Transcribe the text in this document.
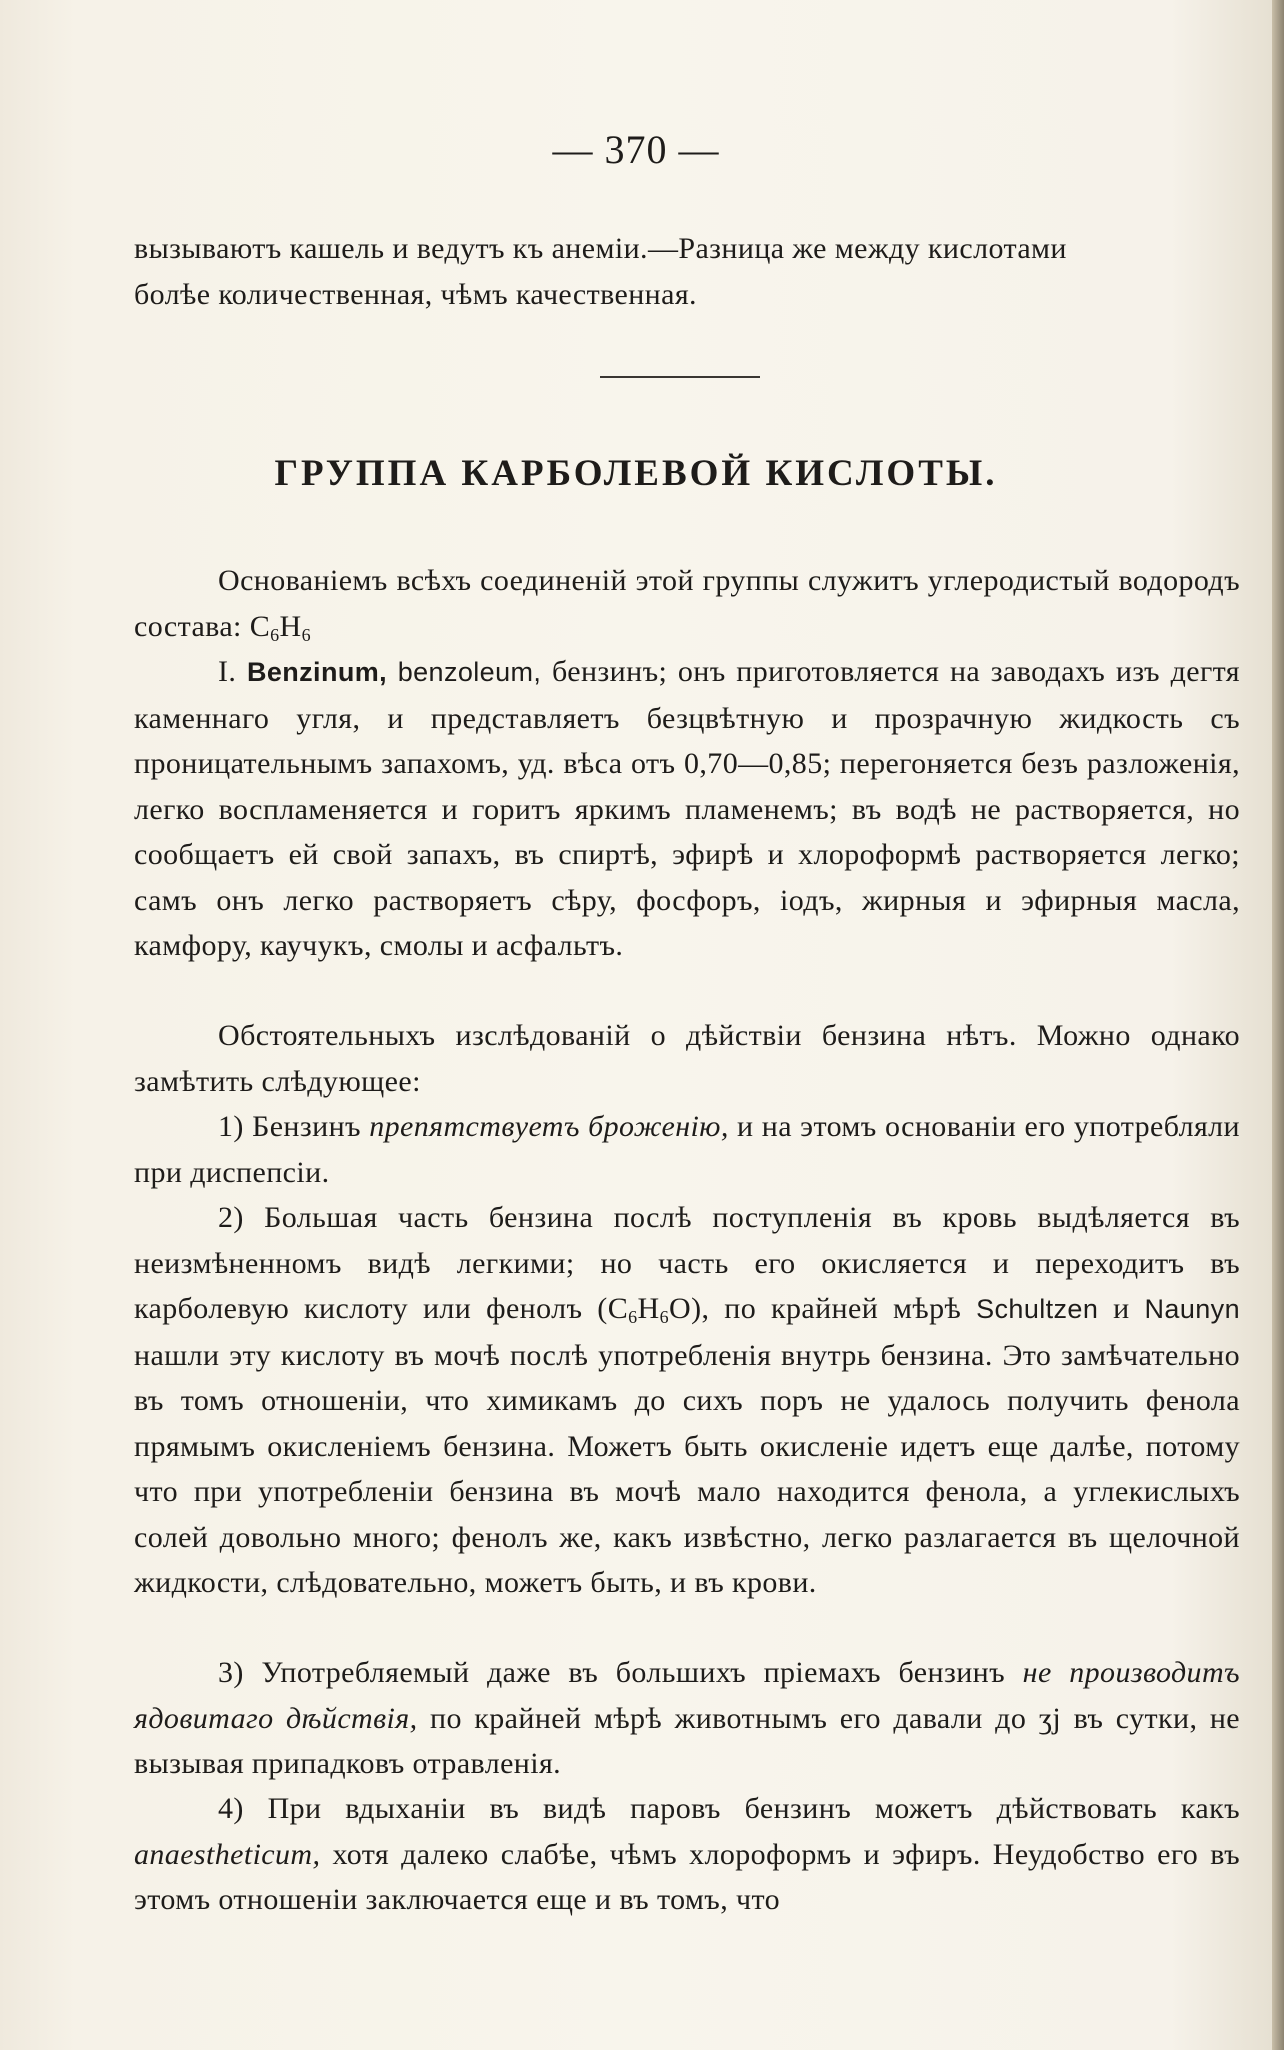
— 370 —
вызываютъ кашель и ведутъ къ анемiи.—Разница же между кислотами
болѣе количественная, чѣмъ качественная.
ГРУППА КАРБОЛЕВОЙ КИСЛОТЫ.
Основанiемъ всѣхъ соединенiй этой группы служитъ углеродистый водородъ состава: $C_6H_6$
I. Benzinum, benzoleum, бензинъ; онъ приготовляется на заводахъ изъ дегтя каменнаго угля, и представляетъ безцвѣтную и прозрачную жидкость съ проницательнымъ запахомъ, уд. вѣса отъ 0,70—0,85; перегоняется безъ разложенiя, легко воспламеняется и горитъ яркимъ пламенемъ; въ водѣ не растворяется, но сообщаетъ ей свой запахъ, въ спиртѣ, эфирѣ и хлороформѣ растворяется легко; самъ онъ легко растворяетъ сѣру, фосфоръ, iодъ, жирныя и эфирныя масла, камфору, каучукъ, смолы и асфальтъ.
Обстоятельныхъ изслѣдованiй о дѣйствiи бензина нѣтъ. Можно однако замѣтить слѣдующее:
1) Бензинъ препятствуетъ броженiю, и на этомъ основанiи его употребляли при диспепсiи.
2) Большая часть бензина послѣ поступленiя въ кровь выдѣляется въ неизмѣненномъ видѣ легкими; но часть его окисляется и переходитъ въ карболевую кислоту или фенолъ $(C_6H_6O)$, по крайней мѣрѣ Schultzen и Naunyn нашли эту кислоту въ мочѣ послѣ употребленiя внутрь бензина. Это замѣчательно въ томъ отношенiи, что химикамъ до сихъ поръ не удалось получить фенола прямымъ окисленiемъ бензина. Можетъ быть окисленiе идетъ еще далѣе, потому что при употребленiи бензина въ мочѣ мало находится фенола, а углекислыхъ солей довольно много; фенолъ же, какъ извѣстно, легко разлагается въ щелочной жидкости, слѣдовательно, можетъ быть, и въ крови.
3) Употребляемый даже въ большихъ прiемахъ бензинъ не производитъ ядовитаго дѣйствiя, по крайней мѣрѣ животнымъ его давали до ʒj въ сутки, не вызывая припадковъ отравленiя.
4) При вдыханiи въ видѣ паровъ бензинъ можетъ дѣйствовать какъ anaestheticum, хотя далеко слабѣе, чѣмъ хлороформъ и эфиръ. Неудобство его въ этомъ отношенiи заключается еще и въ томъ, что
